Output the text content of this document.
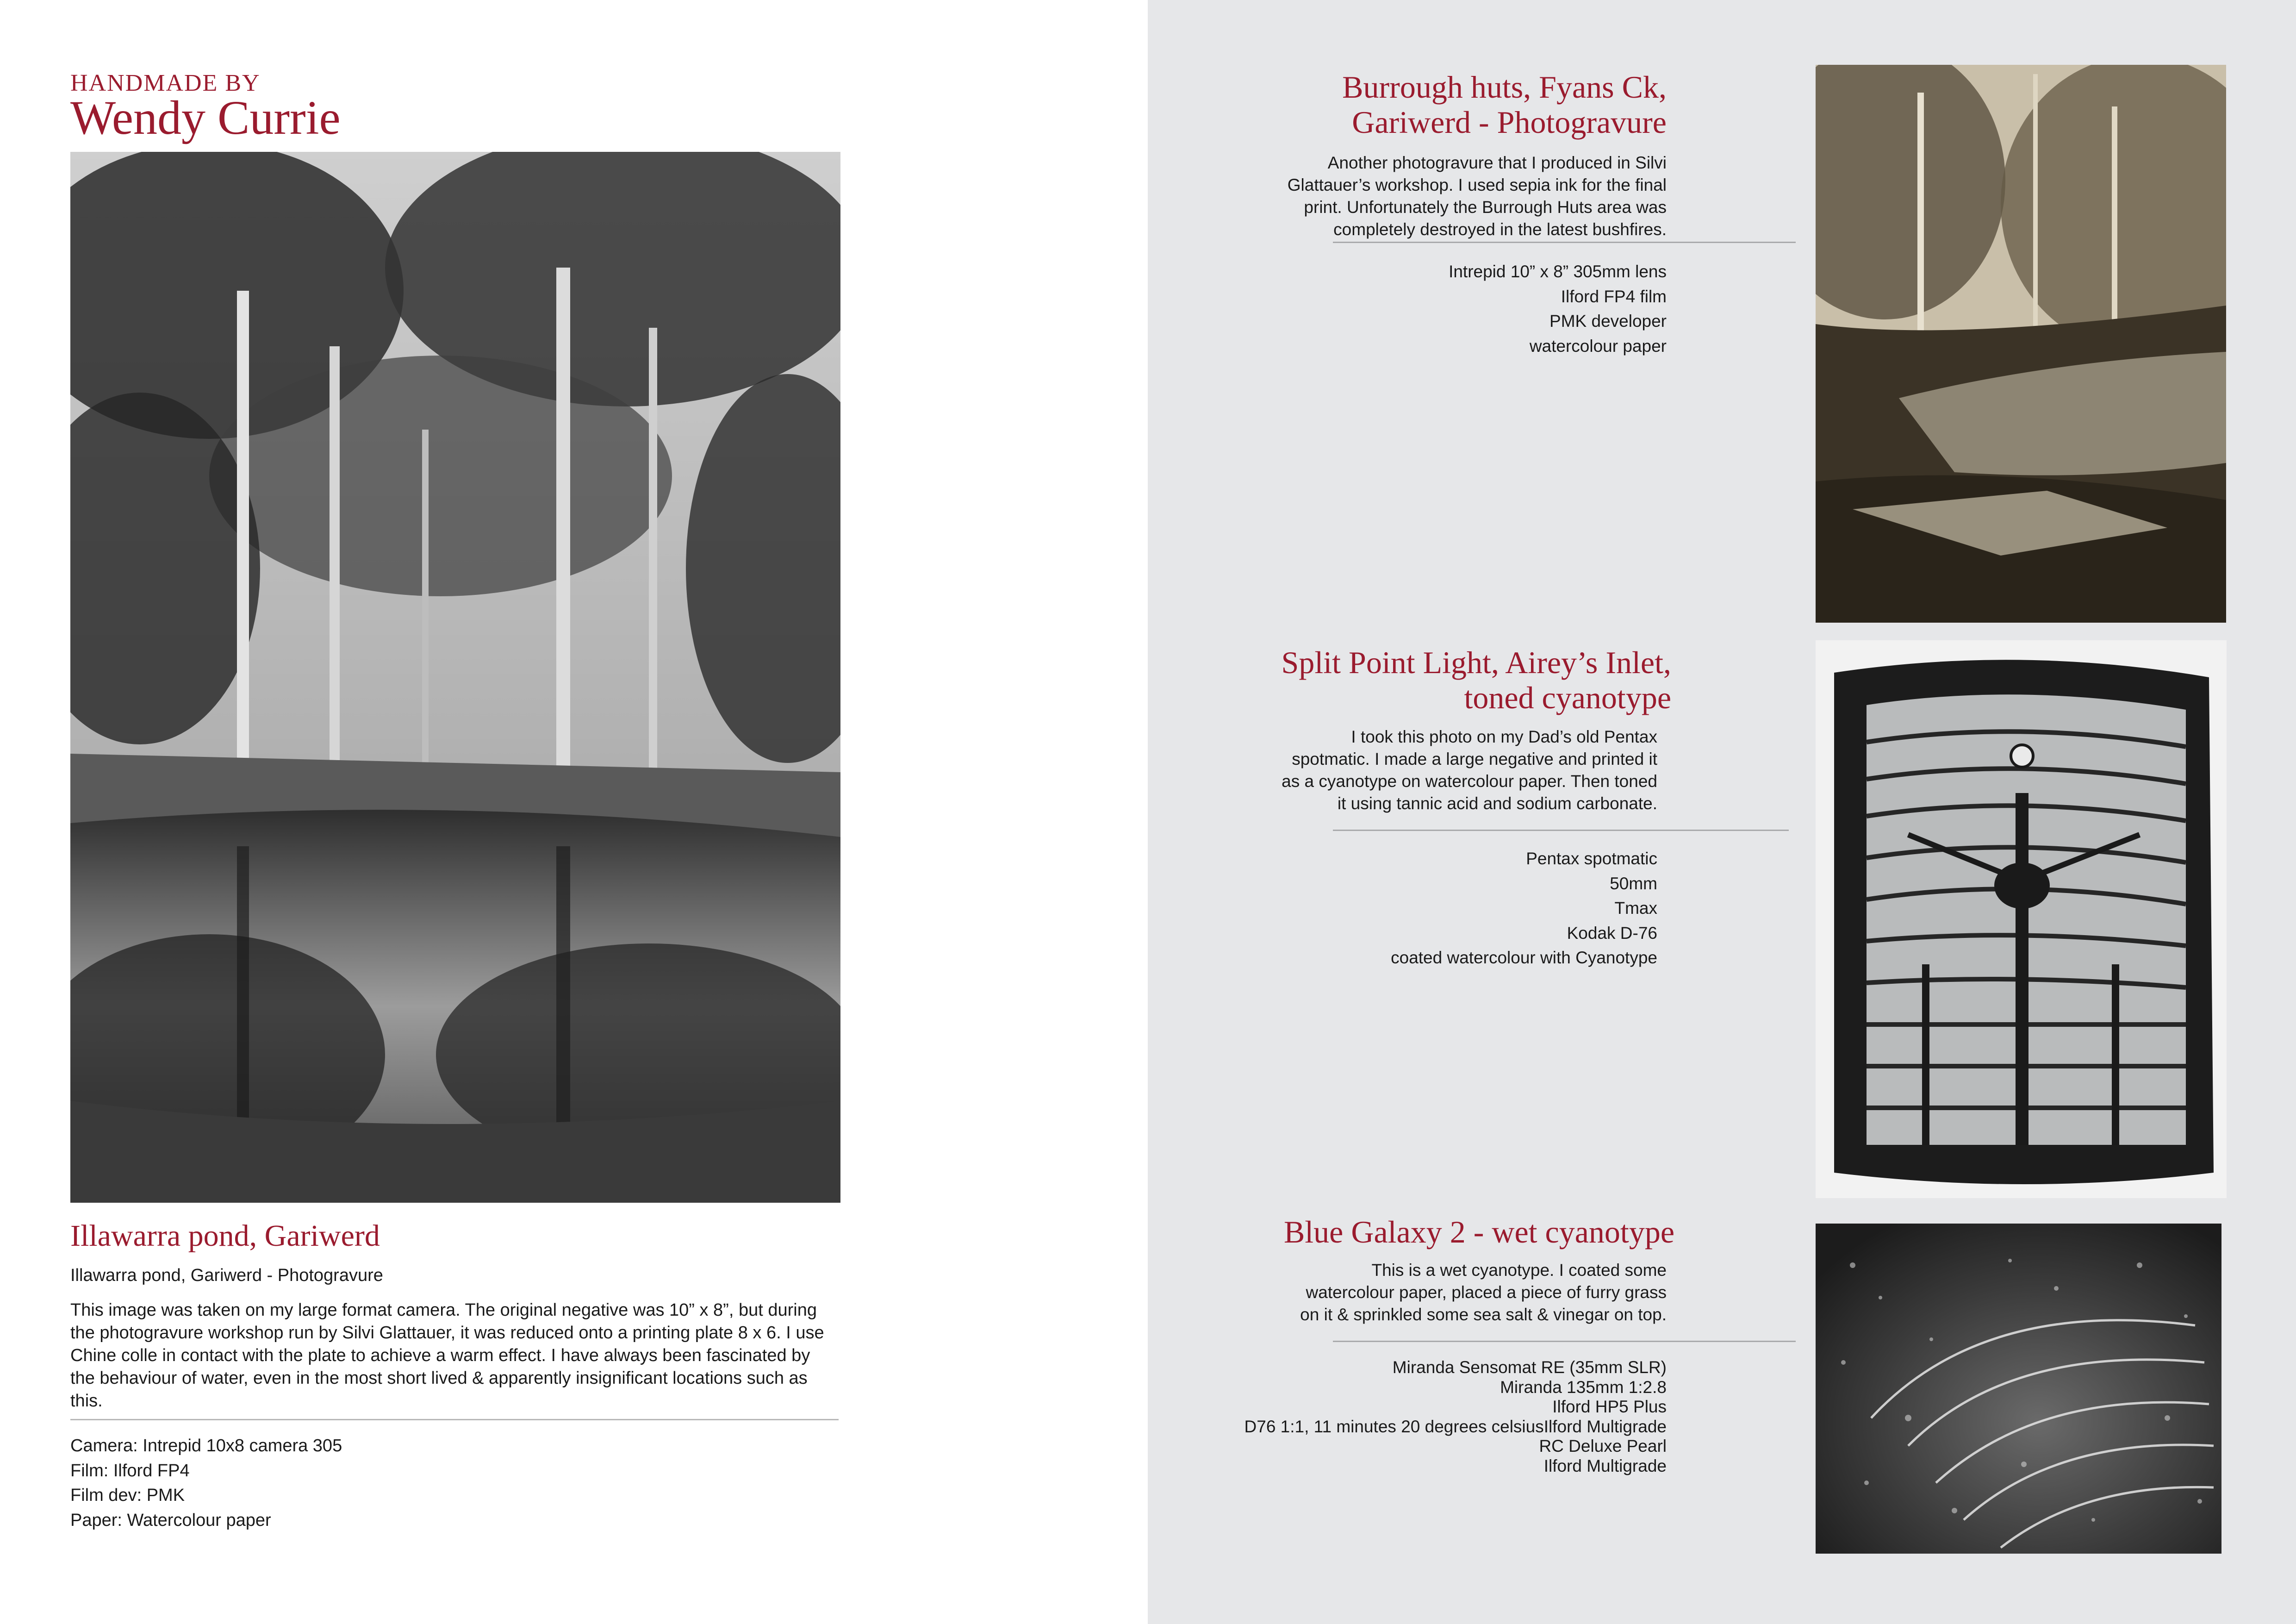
HANDMADE BY
Wendy Currie
Illawarra pond, Gariwerd
Illawarra pond, Gariwerd - Photogravure
This image was taken on my large format camera. The original negative was 10” x 8”, but during the photogravure workshop run by Silvi Glattauer, it was reduced onto a printing plate 8 x 6. I use Chine colle in contact with the plate to achieve a warm effect. I have always been fascinated by the behaviour of water, even in the most short lived & apparently insignificant locations such as this.
Camera: Intrepid 10x8 camera 305
Film: Ilford FP4
Film dev: PMK
Paper: Watercolour paper
Burrough huts, Fyans Ck,
Gariwerd - Photogravure
Another photogravure that I produced in Silvi
Glattauer’s workshop. I used sepia ink for the final
print. Unfortunately the Burrough Huts area was
completely destroyed in the latest bushfires.
Intrepid 10” x 8” 305mm lens
Ilford FP4 film
PMK developer
watercolour paper
Split Point Light, Airey’s Inlet,
toned cyanotype
I took this photo on my Dad’s old Pentax
spotmatic. I made a large negative and printed it
as a cyanotype on watercolour paper. Then toned
it using tannic acid and sodium carbonate.
Pentax spotmatic
50mm
Tmax
Kodak D-76
coated watercolour with Cyanotype
Blue Galaxy 2 - wet cyanotype
This is a wet cyanotype. I coated some
watercolour paper, placed a piece of furry grass
on it & sprinkled some sea salt & vinegar on top.
Miranda Sensomat RE (35mm SLR)
Miranda 135mm 1:2.8
Ilford HP5 Plus
D76 1:1, 11 minutes 20 degrees celsiusIlford Multigrade
RC Deluxe Pearl
Ilford Multigrade
